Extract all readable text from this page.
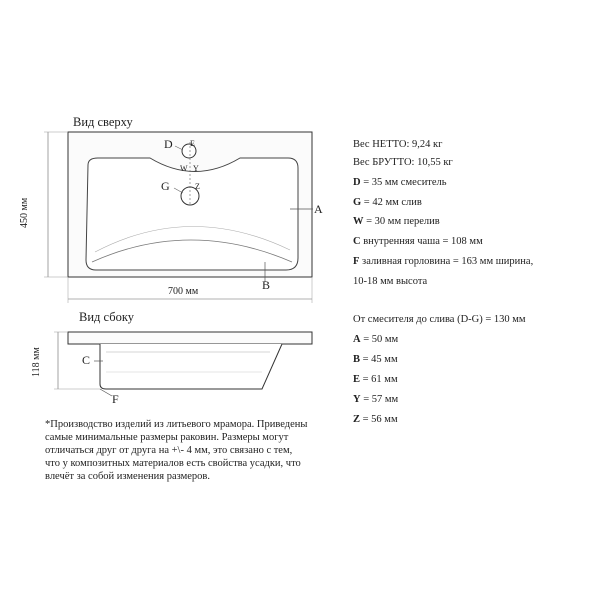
Вид сверху
Вид сбоку
700 мм
450 мм
118 мм
D E
W Y
G	Z
A
B
C
F
Вес НЕТТО: 9,24 кг
Вес БРУТТО: 10,55 кг
D = 35 мм смеситель
G = 42 мм слив
W = 30 мм перелив
C внутренняя чаша = 108 мм
F заливная горловина = 163 мм ширина,
10-18 мм высота
От смесителя до слива (D-G) = 130 мм
A = 50 мм
B = 45 мм
E = 61 мм
Y = 57 мм
Z = 56 мм
*Производство изделий из литьевого мрамора. Приведены
самые минимальные размеры раковин. Размеры могут
отличаться друг от друга на +\- 4 мм, это связано с тем,
что у композитных материалов есть свойства усадки, что
влечёт за собой изменения размеров.
